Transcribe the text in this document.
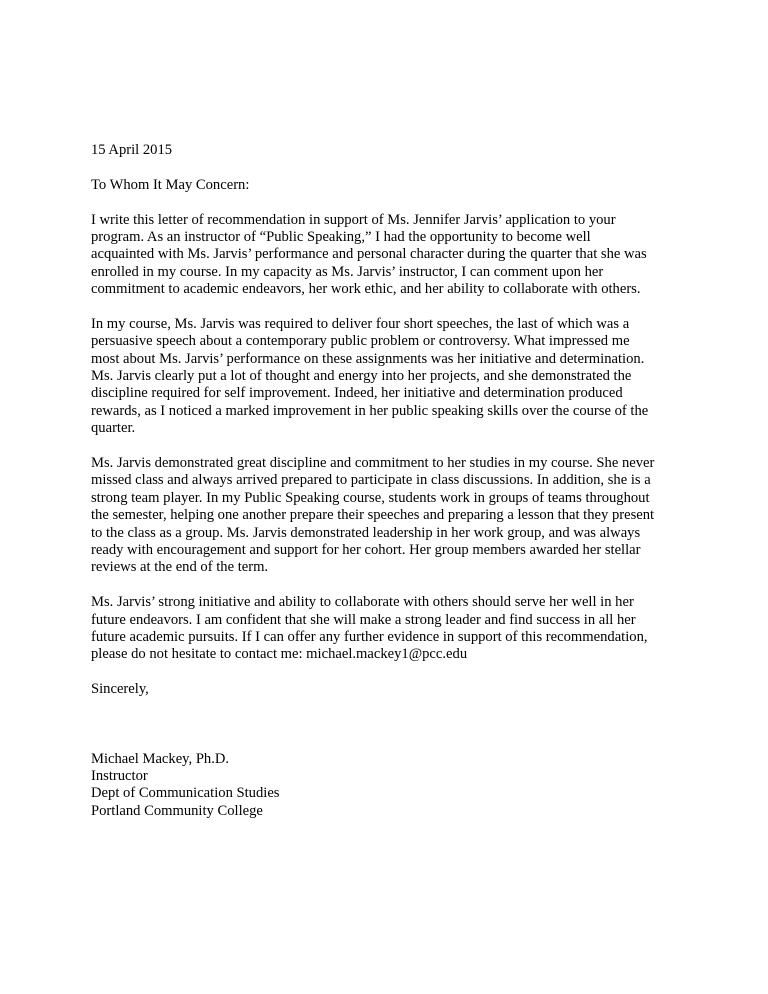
15 April 2015
To Whom It May Concern:
I write this letter of recommendation in support of Ms. Jennifer Jarvis’ application to your
program. As an instructor of “Public Speaking,” I had the opportunity to become well
acquainted with Ms. Jarvis’ performance and personal character during the quarter that she was
enrolled in my course. In my capacity as Ms. Jarvis’ instructor, I can comment upon her
commitment to academic endeavors, her work ethic, and her ability to collaborate with others.
In my course, Ms. Jarvis was required to deliver four short speeches, the last of which was a
persuasive speech about a contemporary public problem or controversy. What impressed me
most about Ms. Jarvis’ performance on these assignments was her initiative and determination.
Ms. Jarvis clearly put a lot of thought and energy into her projects, and she demonstrated the
discipline required for self improvement. Indeed, her initiative and determination produced
rewards, as I noticed a marked improvement in her public speaking skills over the course of the
quarter.
Ms. Jarvis demonstrated great discipline and commitment to her studies in my course. She never
missed class and always arrived prepared to participate in class discussions. In addition, she is a
strong team player. In my Public Speaking course, students work in groups of teams throughout
the semester, helping one another prepare their speeches and preparing a lesson that they present
to the class as a group. Ms. Jarvis demonstrated leadership in her work group, and was always
ready with encouragement and support for her cohort. Her group members awarded her stellar
reviews at the end of the term.
Ms. Jarvis’ strong initiative and ability to collaborate with others should serve her well in her
future endeavors. I am confident that she will make a strong leader and find success in all her
future academic pursuits. If I can offer any further evidence in support of this recommendation,
please do not hesitate to contact me: michael.mackey1@pcc.edu
Sincerely,
Michael Mackey, Ph.D.
Instructor
Dept of Communication Studies
Portland Community College
